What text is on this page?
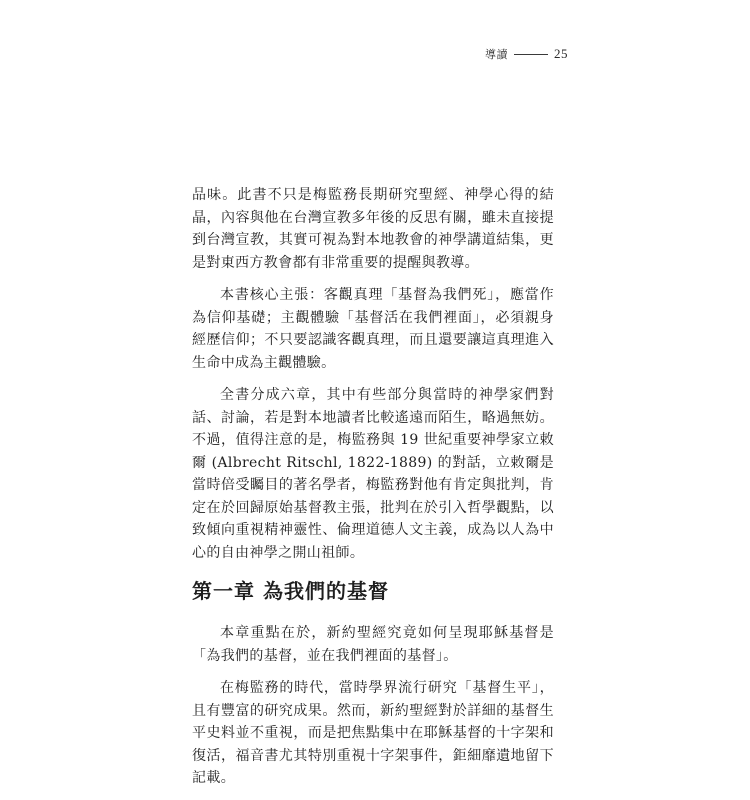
導讀	25

品味。此書不只是梅監務長期研究聖經、神學心得的結晶，內容與他在台灣宣教多年後的反思有關，雖未直接提到台灣宣教，其實可視為對本地教會的神學講道結集，更是對東西方教會都有非常重要的提醒與教導。

本書核心主張：客觀真理「基督為我們死」，應當作為信仰基礎；主觀體驗「基督活在我們裡面」，必須親身經歷信仰；不只要認識客觀真理，而且還要讓這真理進入生命中成為主觀體驗。

全書分成六章，其中有些部分與當時的神學家們對話、討論，若是對本地讀者比較遙遠而陌生，略過無妨。不過，值得注意的是，梅監務與 19 世紀重要神學家立敕爾 (Albrecht Ritschl, 1822-1889) 的對話，立敕爾是當時倍受矚目的著名學者，梅監務對他有肯定與批判，肯定在於回歸原始基督教主張，批判在於引入哲學觀點，以致傾向重視精神靈性、倫理道德人文主義，成為以人為中心的自由神學之開山祖師。

第一章 為我們的基督

本章重點在於，新約聖經究竟如何呈現耶穌基督是「為我們的基督，並在我們裡面的基督」。

在梅監務的時代，當時學界流行研究「基督生平」，且有豐富的研究成果。然而，新約聖經對於詳細的基督生平史料並不重視，而是把焦點集中在耶穌基督的十字架和復活，福音書尤其特別重視十字架事件，鉅細靡遺地留下記載。
